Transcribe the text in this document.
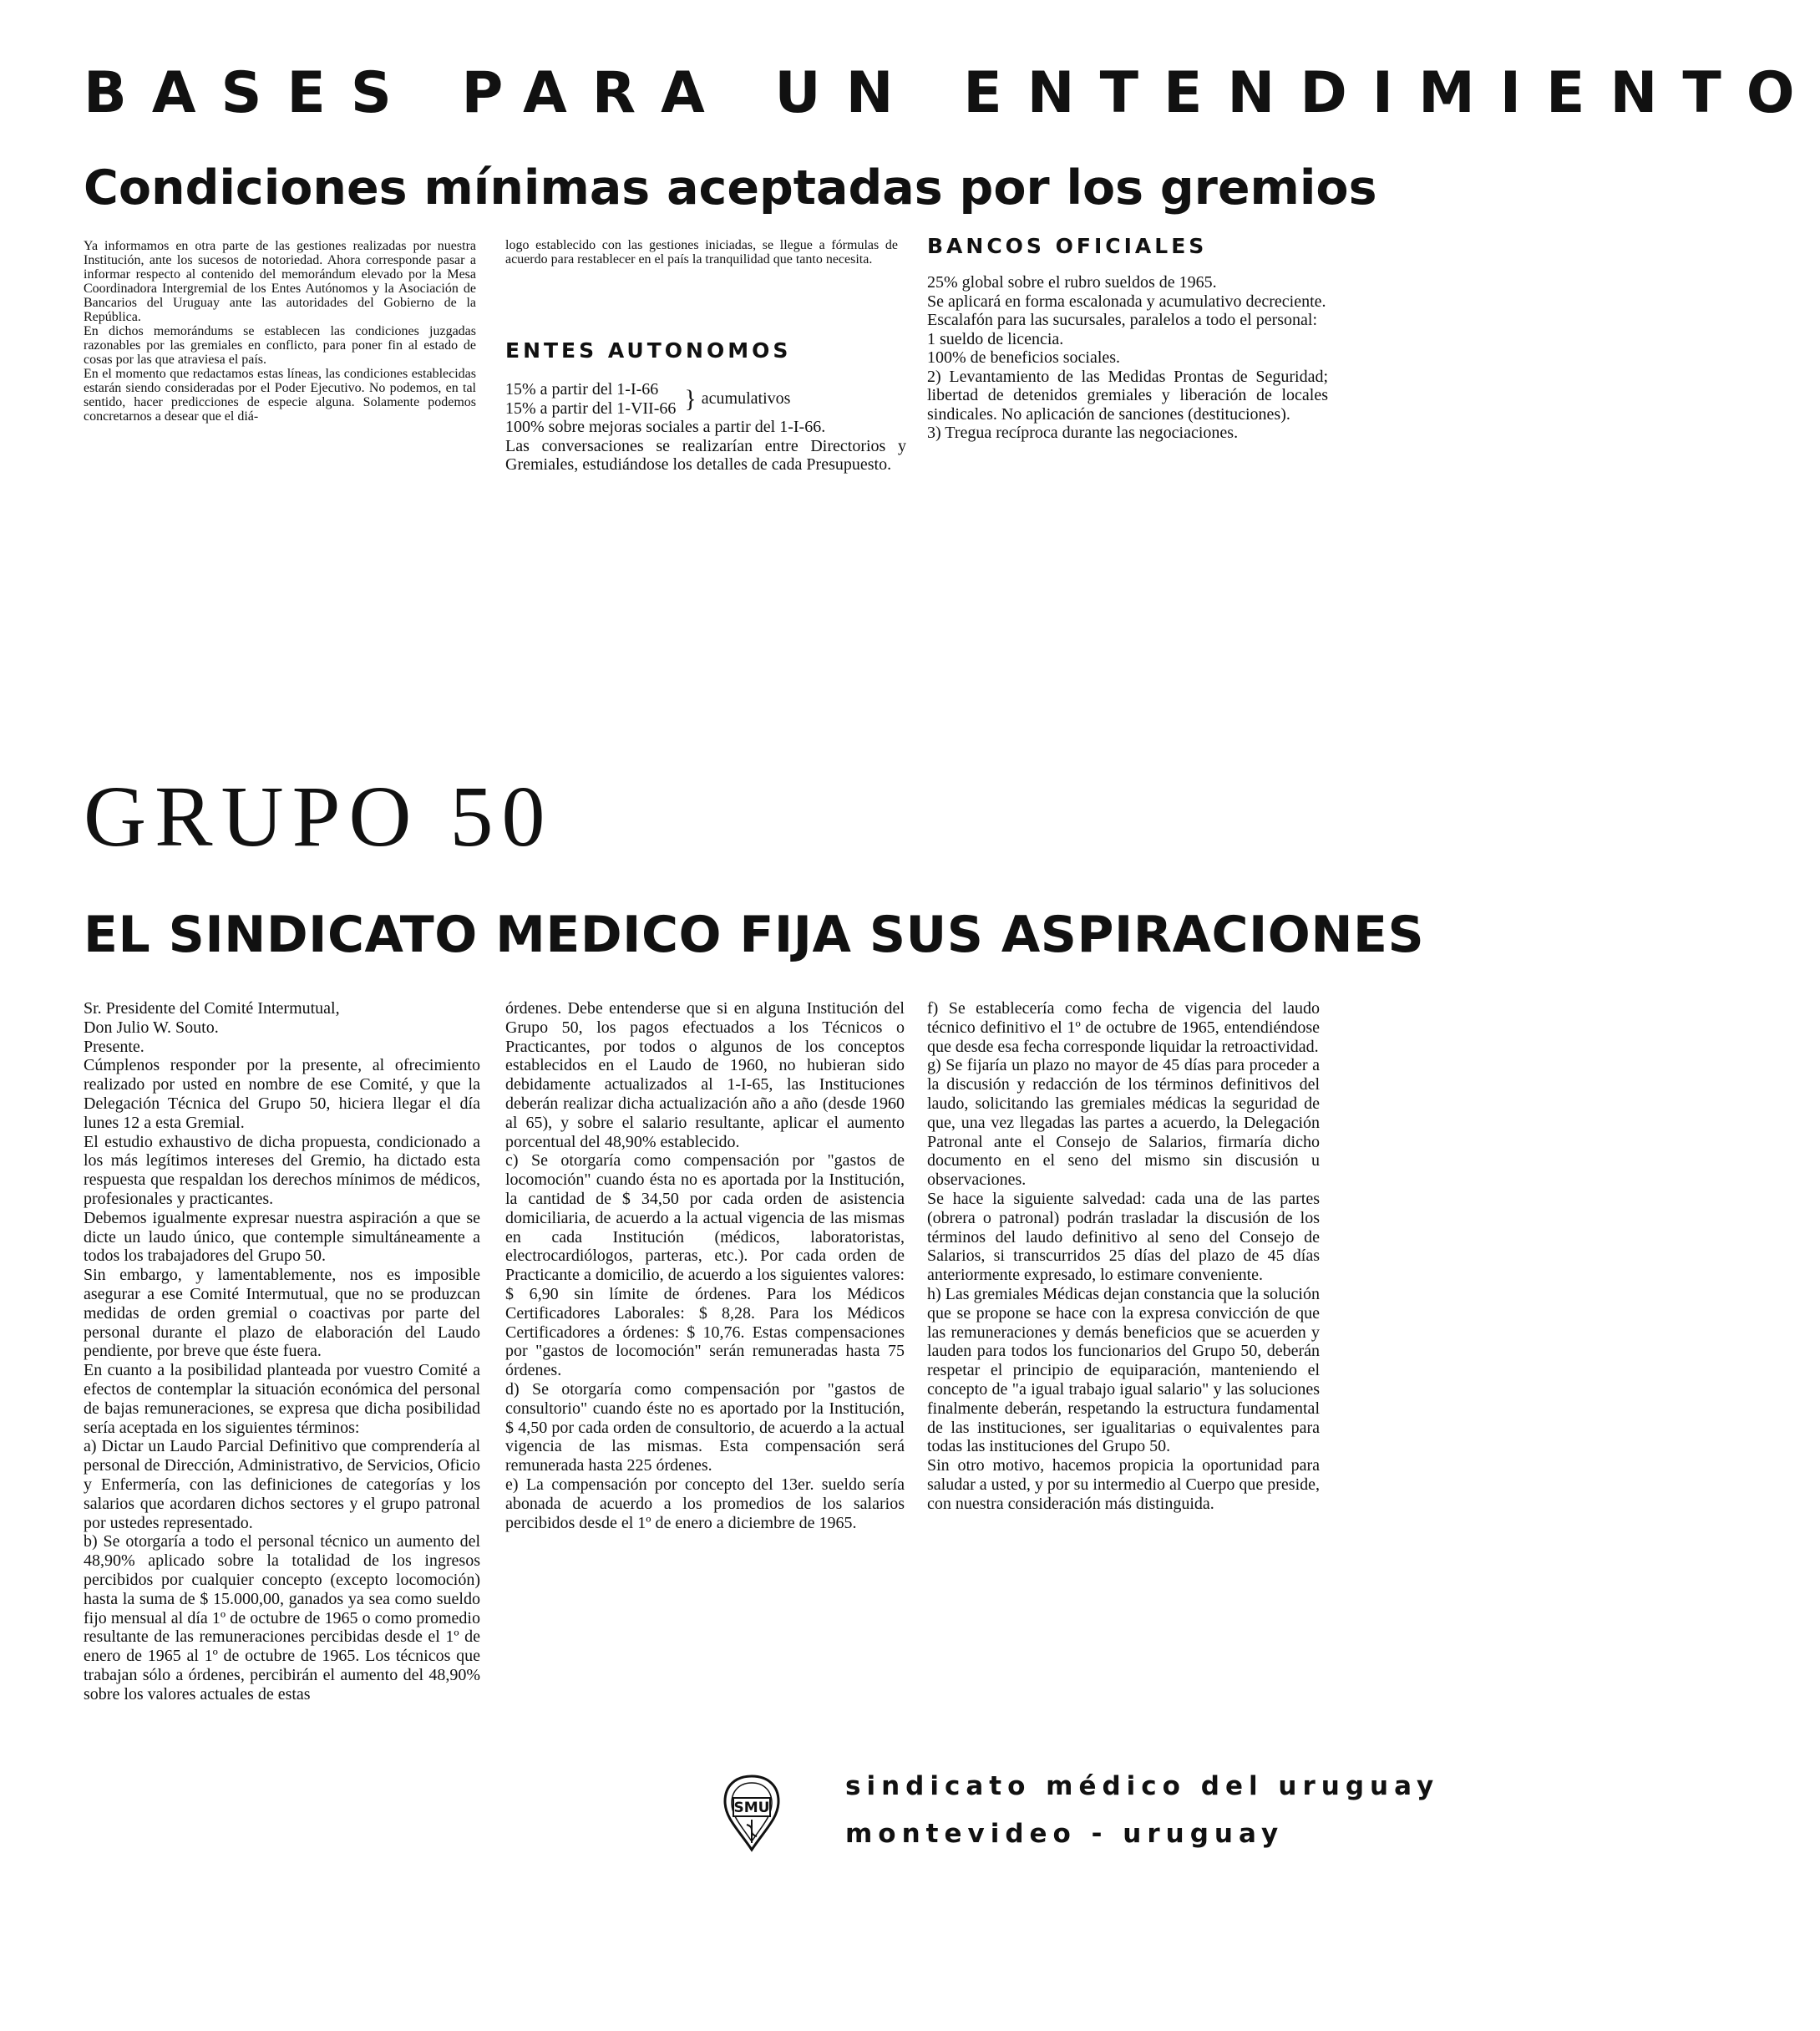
BASES PARA UN ENTENDIMIENTO
Condiciones mínimas aceptadas por los gremios

Ya informamos en otra parte de las gestiones realizadas por nuestra Institución, ante los sucesos de notoriedad. Ahora corresponde pasar a informar respecto al contenido del memorándum elevado por la Mesa Coordinadora Intergremial de los Entes Autónomos y la Asociación de Bancarios del Uruguay ante las autoridades del Gobierno de la República.

En dichos memorándums se establecen las condiciones juzgadas razonables por las gremiales en conflicto, para poner fin al estado de cosas por las que atraviesa el país.

En el momento que redactamos estas líneas, las condiciones establecidas estarán siendo consideradas por el Poder Ejecutivo. No podemos, en tal sentido, hacer predicciones de especie alguna. Solamente podemos concretarnos a desear que el diá-

logo establecido con las gestiones iniciadas, se llegue a fórmulas de acuerdo para restablecer en el país la tranquilidad que tanto necesita.

ENTES AUTONOMOS

15% a partir del 1-I-66

15% a partir del 1-VII-66 } acumulativos

100% sobre mejoras sociales a partir del 1-I-66.

Las conversaciones se realizarían entre Directorios y Gremiales, estudiándose los detalles de cada Presupuesto.

BANCOS OFICIALES

25% global sobre el rubro sueldos de 1965.

Se aplicará en forma escalonada y acumulativo decreciente.

Escalafón para las sucursales, paralelos a todo el personal:

1 sueldo de licencia.

100% de beneficios sociales.

2) Levantamiento de las Medidas Prontas de Seguridad; libertad de detenidos gremiales y liberación de locales sindicales. No aplicación de sanciones (destituciones).

3) Tregua recíproca durante las negociaciones.

GRUPO 50
EL SINDICATO MEDICO FIJA SUS ASPIRACIONES

Sr. Presidente del Comité Intermutual,

Don Julio W. Souto.

Presente.

Cúmplenos responder por la presente, al ofrecimiento realizado por usted en nombre de ese Comité, y que la Delegación Técnica del Grupo 50, hiciera llegar el día lunes 12 a esta Gremial.

El estudio exhaustivo de dicha propuesta, condicionado a los más legítimos intereses del Gremio, ha dictado esta respuesta que respaldan los derechos mínimos de médicos, profesionales y practicantes.

Debemos igualmente expresar nuestra aspiración a que se dicte un laudo único, que contemple simultáneamente a todos los trabajadores del Grupo 50.

Sin embargo, y lamentablemente, nos es imposible asegurar a ese Comité Intermutual, que no se produzcan medidas de orden gremial o coactivas por parte del personal durante el plazo de elaboración del Laudo pendiente, por breve que éste fuera.

En cuanto a la posibilidad planteada por vuestro Comité a efectos de contemplar la situación económica del personal de bajas remuneraciones, se expresa que dicha posibilidad sería aceptada en los siguientes términos:

a) Dictar un Laudo Parcial Definitivo que comprendería al personal de Dirección, Administrativo, de Servicios, Oficio y Enfermería, con las definiciones de categorías y los salarios que acordaren dichos sectores y el grupo patronal por ustedes representado.

b) Se otorgaría a todo el personal técnico un aumento del 48,90% aplicado sobre la totalidad de los ingresos percibidos por cualquier concepto (excepto locomoción) hasta la suma de $ 15.000,00, ganados ya sea como sueldo fijo mensual al día 1º de octubre de 1965 o como promedio resultante de las remuneraciones percibidas desde el 1º de enero de 1965 al 1º de octubre de 1965. Los técnicos que trabajan sólo a órdenes, percibirán el aumento del 48,90% sobre los valores actuales de estas

órdenes. Debe entenderse que si en alguna Institución del Grupo 50, los pagos efectuados a los Técnicos o Practicantes, por todos o algunos de los conceptos establecidos en el Laudo de 1960, no hubieran sido debidamente actualizados al 1-I-65, las Instituciones deberán realizar dicha actualización año a año (desde 1960 al 65), y sobre el salario resultante, aplicar el aumento porcentual del 48,90% establecido.

c) Se otorgaría como compensación por "gastos de locomoción" cuando ésta no es aportada por la Institución, la cantidad de $ 34,50 por cada orden de asistencia domiciliaria, de acuerdo a la actual vigencia de las mismas en cada Institución (médicos, laboratoristas, electrocardiólogos, parteras, etc.). Por cada orden de Practicante a domicilio, de acuerdo a los siguientes valores: $ 6,90 sin límite de órdenes. Para los Médicos Certificadores Laborales: $ 8,28. Para los Médicos Certificadores a órdenes: $ 10,76. Estas compensaciones por "gastos de locomoción" serán remuneradas hasta 75 órdenes.

d) Se otorgaría como compensación por "gastos de consultorio" cuando éste no es aportado por la Institución, $ 4,50 por cada orden de consultorio, de acuerdo a la actual vigencia de las mismas. Esta compensación será remunerada hasta 225 órdenes.

e) La compensación por concepto del 13er. sueldo sería abonada de acuerdo a los promedios de los salarios percibidos desde el 1º de enero a diciembre de 1965.

f) Se establecería como fecha de vigencia del laudo técnico definitivo el 1º de octubre de 1965, entendiéndose que desde esa fecha corresponde liquidar la retroactividad.

g) Se fijaría un plazo no mayor de 45 días para proceder a la discusión y redacción de los términos definitivos del laudo, solicitando las gremiales médicas la seguridad de que, una vez llegadas las partes a acuerdo, la Delegación Patronal ante el Consejo de Salarios, firmaría dicho documento en el seno del mismo sin discusión u observaciones.

Se hace la siguiente salvedad: cada una de las partes (obrera o patronal) podrán trasladar la discusión de los términos del laudo definitivo al seno del Consejo de Salarios, si transcurridos 25 días del plazo de 45 días anteriormente expresado, lo estimare conveniente.

h) Las gremiales Médicas dejan constancia que la solución que se propone se hace con la expresa convicción de que las remuneraciones y demás beneficios que se acuerden y lauden para todos los funcionarios del Grupo 50, deberán respetar el principio de equiparación, manteniendo el concepto de "a igual trabajo igual salario" y las soluciones finalmente deberán, respetando la estructura fundamental de las instituciones, ser igualitarias o equivalentes para todas las instituciones del Grupo 50.

Sin otro motivo, hacemos propicia la oportunidad para saludar a usted, y por su intermedio al Cuerpo que preside, con nuestra consideración más distinguida.

SMU
sindicato médico del uruguay
montevideo - uruguay
